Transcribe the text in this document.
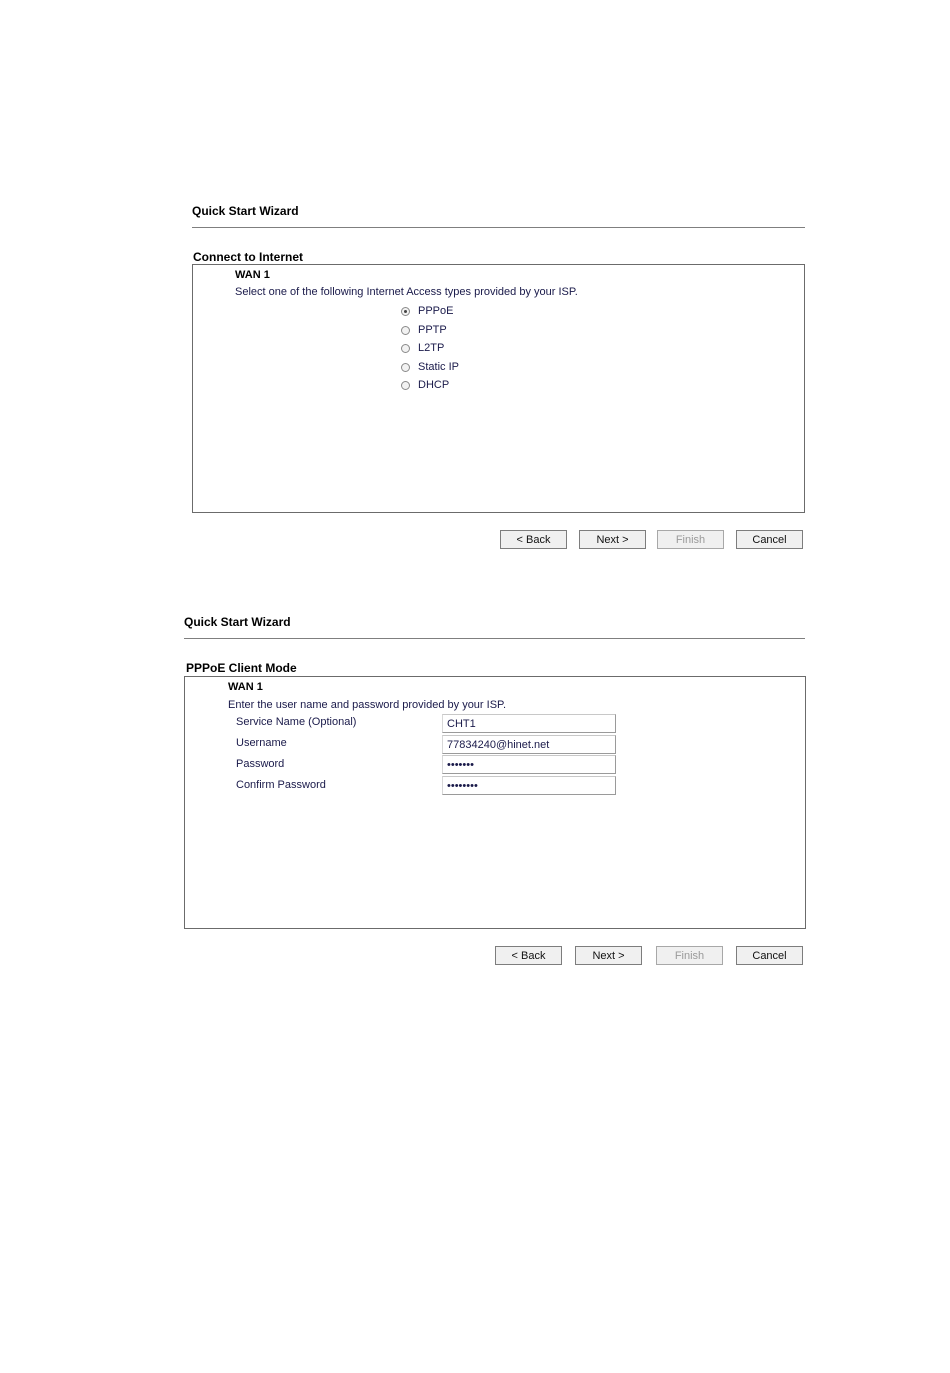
Quick Start Wizard
Connect to Internet
WAN 1
Select one of the following Internet Access types provided by your ISP.
PPPoE
PPTP
L2TP
Static IP
DHCP
< Back	Next >	Finish	Cancel
Quick Start Wizard
PPPoE Client Mode
WAN 1
Enter the user name and password provided by your ISP.
Service Name (Optional)	CHT1
Username	77834240@hinet.net
Password	•••••••
Confirm Password	••••••••
< Back	Next >	Finish	Cancel
